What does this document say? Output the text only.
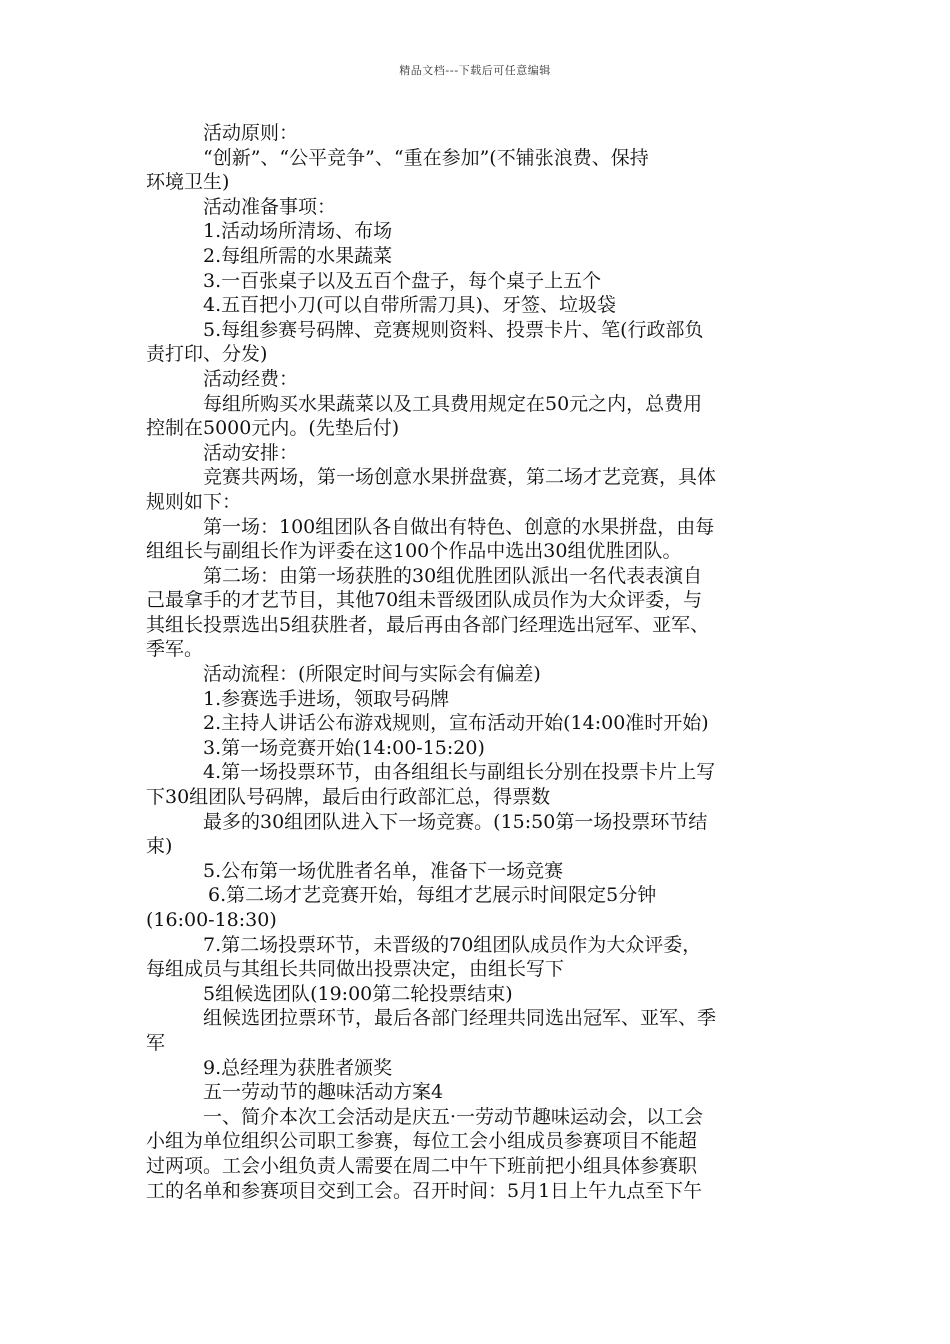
精品文档---下载后可任意编辑
活动原则：
“创新”、“公平竞争”、“重在参加”(不铺张浪费、保持
环境卫生)
活动准备事项：
1.活动场所清场、布场
2.每组所需的水果蔬菜
3.一百张桌子以及五百个盘子，每个桌子上五个
4.五百把小刀(可以自带所需刀具)、牙签、垃圾袋
5.每组参赛号码牌、竞赛规则资料、投票卡片、笔(行政部负
责打印、分发)
活动经费：
每组所购买水果蔬菜以及工具费用规定在50元之内，总费用
控制在5000元内。(先垫后付)
活动安排：
竞赛共两场，第一场创意水果拼盘赛，第二场才艺竞赛，具体
规则如下：
第一场：100组团队各自做出有特色、创意的水果拼盘，由每
组组长与副组长作为评委在这100个作品中选出30组优胜团队。
第二场：由第一场获胜的30组优胜团队派出一名代表表演自
己最拿手的才艺节目，其他70组未晋级团队成员作为大众评委，与
其组长投票选出5组获胜者，最后再由各部门经理选出冠军、亚军、
季军。
活动流程：(所限定时间与实际会有偏差)
1.参赛选手进场，领取号码牌
2.主持人讲话公布游戏规则，宣布活动开始(14:00准时开始)
3.第一场竞赛开始(14:00-15:20)
4.第一场投票环节，由各组组长与副组长分别在投票卡片上写
下30组团队号码牌，最后由行政部汇总，得票数
最多的30组团队进入下一场竞赛。(15:50第一场投票环节结
束)
5.公布第一场优胜者名单，准备下一场竞赛
6.第二场才艺竞赛开始，每组才艺展示时间限定5分钟
(16:00-18:30)
7.第二场投票环节，未晋级的70组团队成员作为大众评委，
每组成员与其组长共同做出投票决定，由组长写下
5组候选团队(19:00第二轮投票结束)
组候选团拉票环节，最后各部门经理共同选出冠军、亚军、季
军
9.总经理为获胜者颁奖
五一劳动节的趣味活动方案4
一、简介本次工会活动是庆五·一劳动节趣味运动会，以工会
小组为单位组织公司职工参赛，每位工会小组成员参赛项目不能超
过两项。工会小组负责人需要在周二中午下班前把小组具体参赛职
工的名单和参赛项目交到工会。召开时间：5月1日上午九点至下午
